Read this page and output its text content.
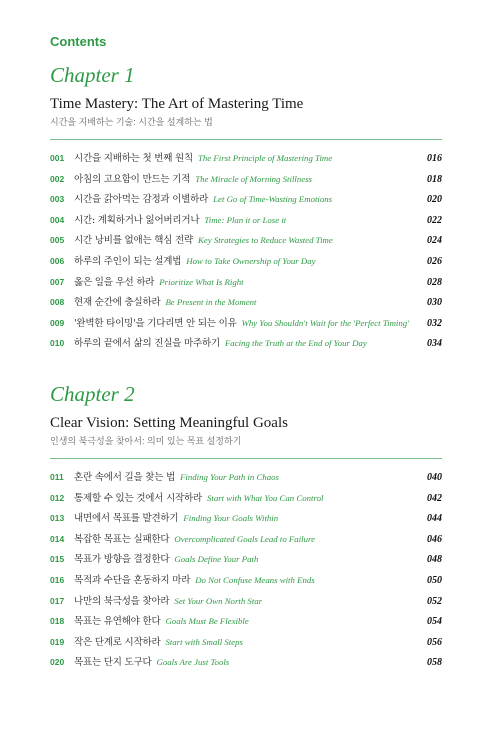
Contents
Chapter 1
Time Mastery: The Art of Mastering Time
시간을 지배하는 기술: 시간을 설계하는 법
001	시간을 지배하는 첫 번째 원칙 The First Principle of Mastering Time	016
002	아침의 고요함이 만드는 기적 The Miracle of Morning Stillness	018
003	시간을 갉아먹는 감정과 이별하라 Let Go of Time-Wasting Emotions	020
004	시간: 계획하거나 잃어버리거나 Time: Plan it or Lose it	022
005	시간 낭비를 없애는 핵심 전략 Key Strategies to Reduce Wasted Time	024
006	하루의 주인이 되는 설계법 How to Take Ownership of Your Day	026
007	옳은 일을 우선 하라 Prioritize What Is Right	028
008	현재 순간에 충실하라 Be Present in the Moment	030
009	'완벽한 타이밍'을 기다리면 안 되는 이유 Why You Shouldn't Wait for the 'Perfect Timing'	032
010	하루의 끝에서 삶의 진실을 마주하기 Facing the Truth at the End of Your Day	034
Chapter 2
Clear Vision: Setting Meaningful Goals
인생의 북극성을 찾아서: 의미 있는 목표 설정하기
011	혼란 속에서 길을 찾는 법 Finding Your Path in Chaos	040
012	통제할 수 있는 것에서 시작하라 Start with What You Can Control	042
013	내면에서 목표를 발견하기 Finding Your Goals Within	044
014	복잡한 목표는 실패한다 Overcomplicated Goals Lead to Failure	046
015	목표가 방향을 결정한다 Goals Define Your Path	048
016	목적과 수단을 혼동하지 마라 Do Not Confuse Means with Ends	050
017	나만의 북극성을 찾아라 Set Your Own North Star	052
018	목표는 유연해야 한다 Goals Must Be Flexible	054
019	작은 단계로 시작하라 Start with Small Steps	056
020	목표는 단지 도구다 Goals Are Just Tools	058
